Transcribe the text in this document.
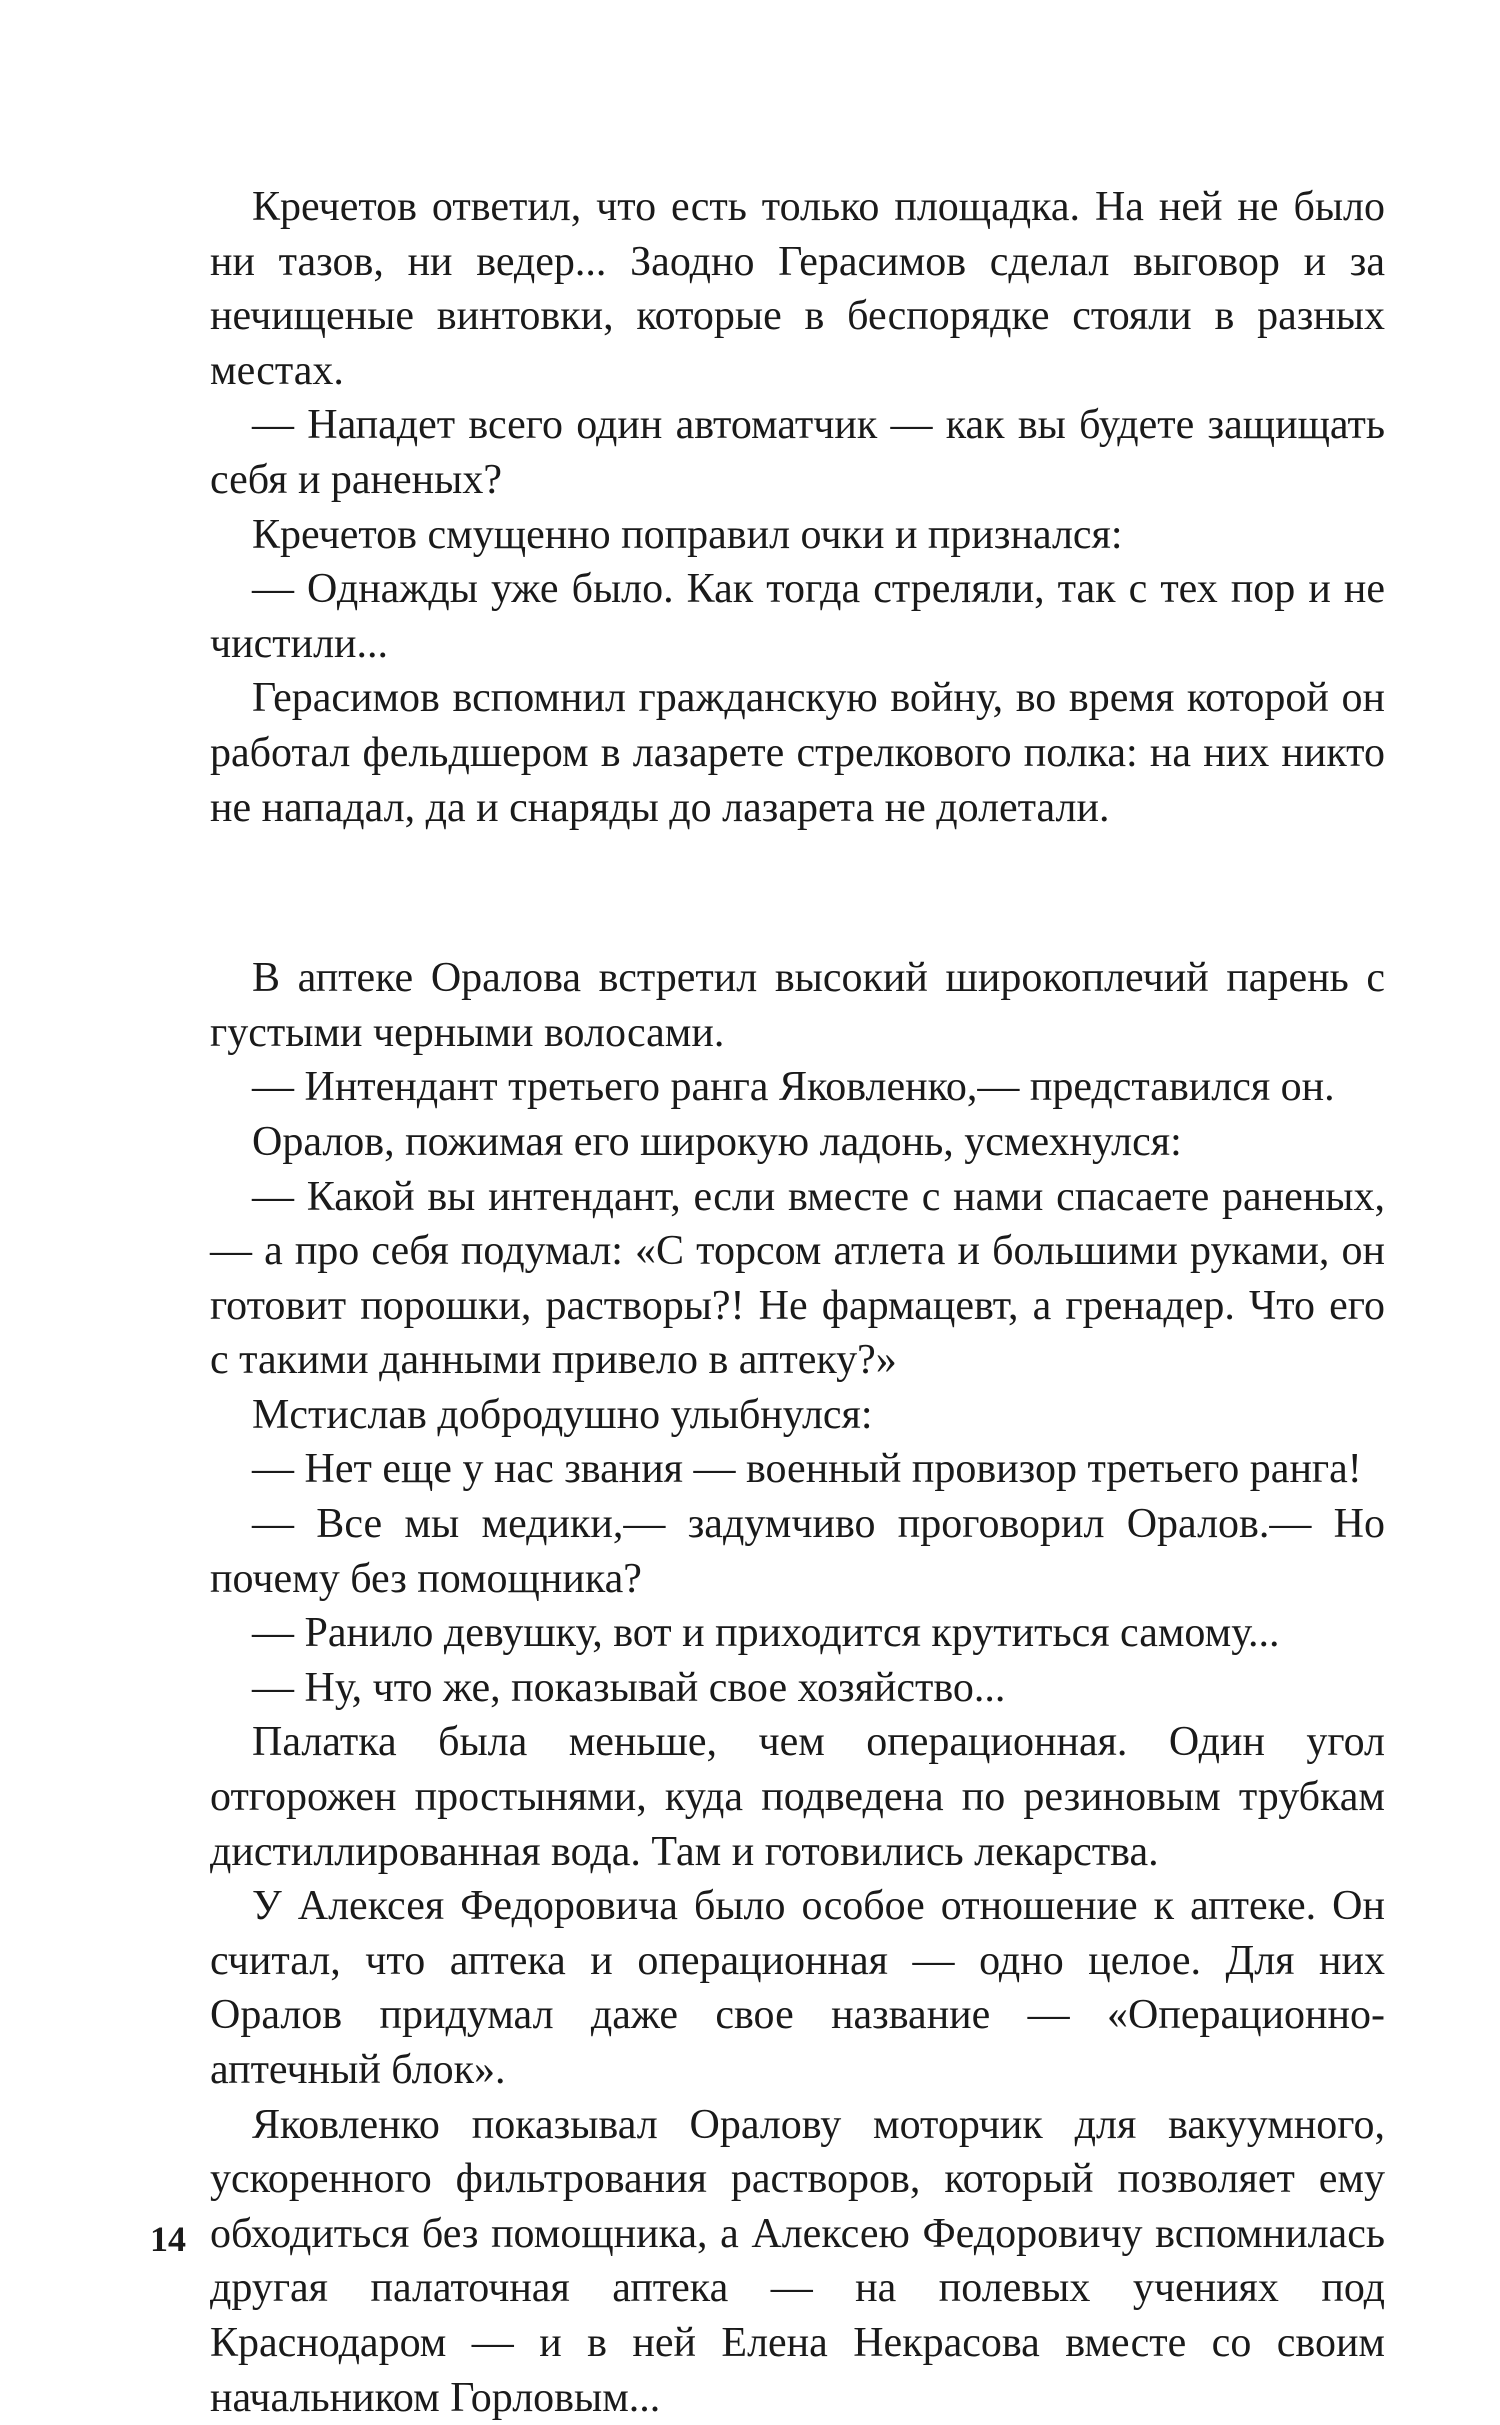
Кречетов ответил, что есть только площадка. На ней не было ни тазов, ни ведер... Заодно Герасимов сделал выговор и за нечищеные винтовки, которые в беспорядке стояли в разных местах.

— Нападет всего один автоматчик — как вы будете защищать себя и раненых?

Кречетов смущенно поправил очки и признался:

— Однажды уже было. Как тогда стреляли, так с тех пор и не чистили...

Герасимов вспомнил гражданскую войну, во время которой он работал фельдшером в лазарете стрелкового полка: на них никто не нападал, да и снаряды до лазарета не долетали.

В аптеке Оралова встретил высокий широкоплечий парень с густыми черными волосами.

— Интендант третьего ранга Яковленко,— представился он.

Оралов, пожимая его широкую ладонь, усмехнулся:

— Какой вы интендант, если вместе с нами спасаете раненых,— а про себя подумал: «С торсом атлета и большими руками, он готовит порошки, растворы?! Не фармацевт, а гренадер. Что его с такими данными привело в аптеку?»

Мстислав добродушно улыбнулся:

— Нет еще у нас звания — военный провизор третьего ранга!

— Все мы медики,— задумчиво проговорил Оралов.— Но почему без помощника?

— Ранило девушку, вот и приходится крутиться самому...

— Ну, что же, показывай свое хозяйство...

Палатка была меньше, чем операционная. Один угол отгорожен простынями, куда подведена по резиновым трубкам дистиллированная вода. Там и готовились лекарства.

У Алексея Федоровича было особое отношение к аптеке. Он считал, что аптека и операционная — одно целое. Для них Оралов придумал даже свое название — «Операционно-аптечный блок».

Яковленко показывал Оралову моторчик для вакуумного, ускоренного фильтрования растворов, который позволяет ему обходиться без помощника, а Алексею Федоровичу вспомнилась другая палаточная аптека — на полевых учениях под Краснодаром — и в ней Елена Некрасова вместе со своим начальником Горловым...

14
